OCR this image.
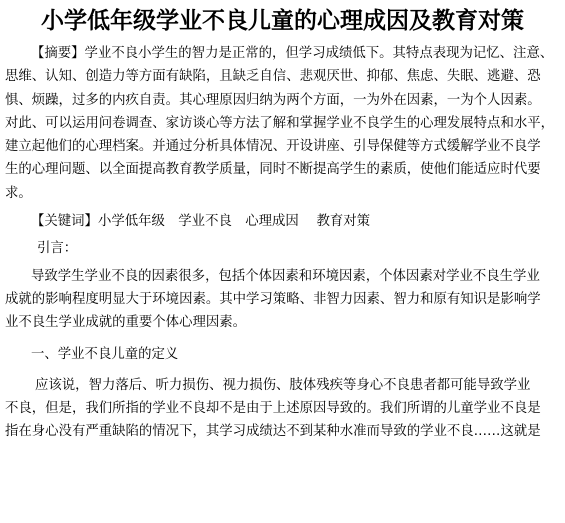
小学低年级学业不良儿童的心理成因及教育对策
【摘要】学业不良小学生的智力是正常的，但学习成绩低下。其特点表现为记忆、注意、
思维、认知、创造力等方面有缺陷，且缺乏自信、悲观厌世、抑郁、焦虑、失眠、逃避、恐
惧、烦躁，过多的内疚自责。其心理原因归纳为两个方面，一为外在因素，一为个人因素。
对此、可以运用问卷调查、家访谈心等方法了解和掌握学业不良学生的心理发展特点和水平，
建立起他们的心理档案。并通过分析具体情况、开设讲座、引导保健等方式缓解学业不良学
生的心理问题、以全面提高教育教学质量，同时不断提高学生的素质，使他们能适应时代要
求。
【关键词】小学低年级　学业不良　心理成因　 教育对策
引言：
导致学生学业不良的因素很多，包括个体因素和环境因素，个体因素对学业不良生学业
成就的影响程度明显大于环境因素。其中学习策略、非智力因素、智力和原有知识是影响学
业不良生学业成就的重要个体心理因素。
一、学业不良儿童的定义
应该说，智力落后、听力损伤、视力损伤、肢体残疾等身心不良患者都可能导致学业
不良，但是，我们所指的学业不良却不是由于上述原因导致的。我们所谓的儿童学业不良是
指在身心没有严重缺陷的情况下，其学习成绩达不到某种水准而导致的学业不良……这就是
